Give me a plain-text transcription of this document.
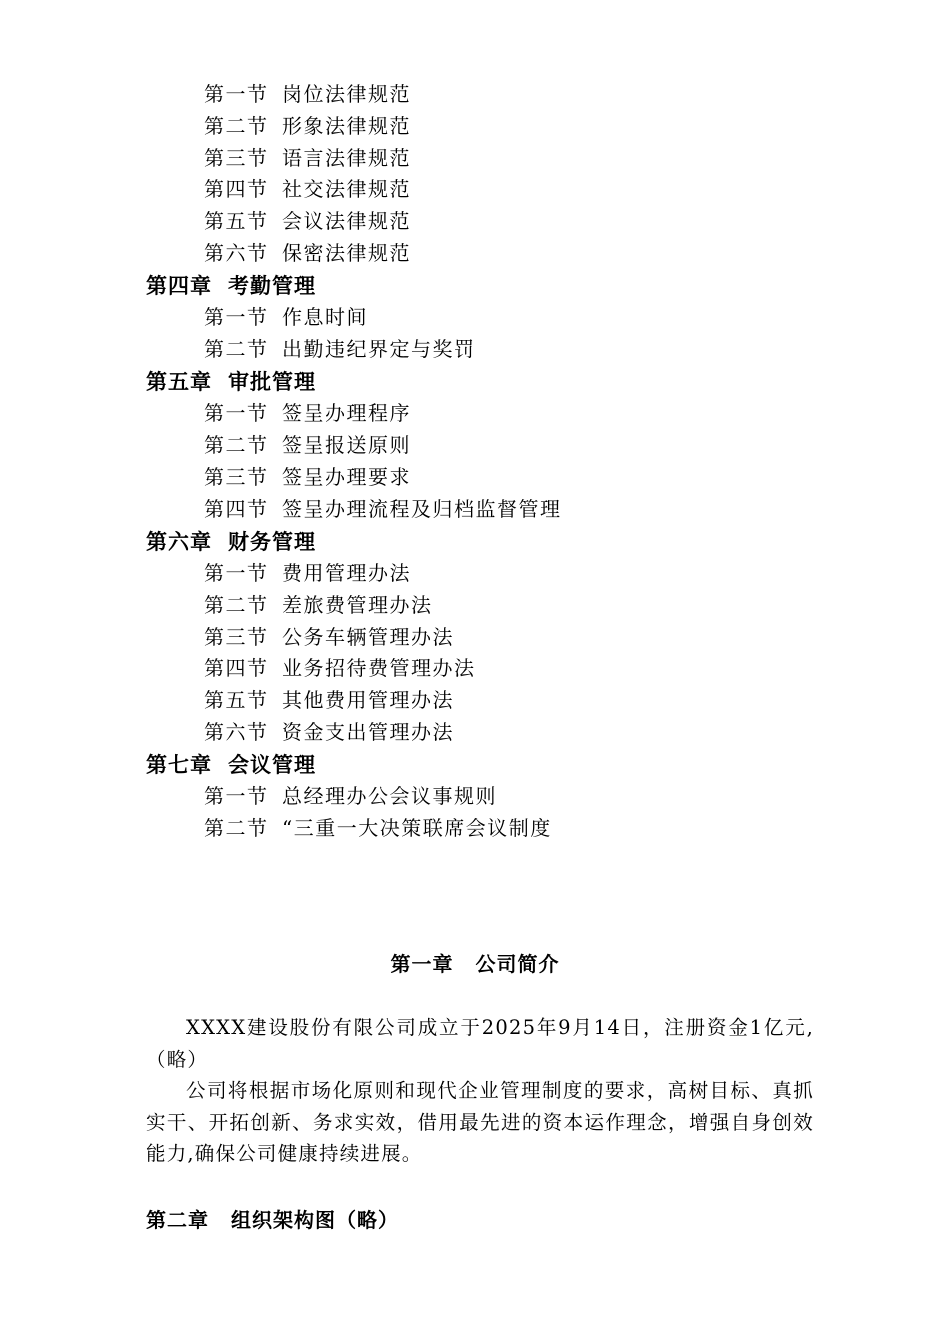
第一节 岗位法律规范
第二节 形象法律规范
第三节 语言法律规范
第四节 社交法律规范
第五节 会议法律规范
第六节 保密法律规范
第四章 考勤管理
第一节 作息时间
第二节 出勤违纪界定与奖罚
第五章 审批管理
第一节 签呈办理程序
第二节 签呈报送原则
第三节 签呈办理要求
第四节 签呈办理流程及归档监督管理
第六章 财务管理
第一节 费用管理办法
第二节 差旅费管理办法
第三节 公务车辆管理办法
第四节 业务招待费管理办法
第五节 其他费用管理办法
第六节 资金支出管理办法
第七章 会议管理
第一节 总经理办公会议事规则
第二节 “三重一大决策联席会议制度
第一章 公司简介

XXXX建设股份有限公司成立于2025年9月14日，注册资金1亿元,（略）

公司将根据市场化原则和现代企业管理制度的要求，高树目标、真抓实干、开拓创新、务求实效，借用最先进的资本运作理念，增强自身创效能力,确保公司健康持续进展。

第二章 组织架构图（略）
